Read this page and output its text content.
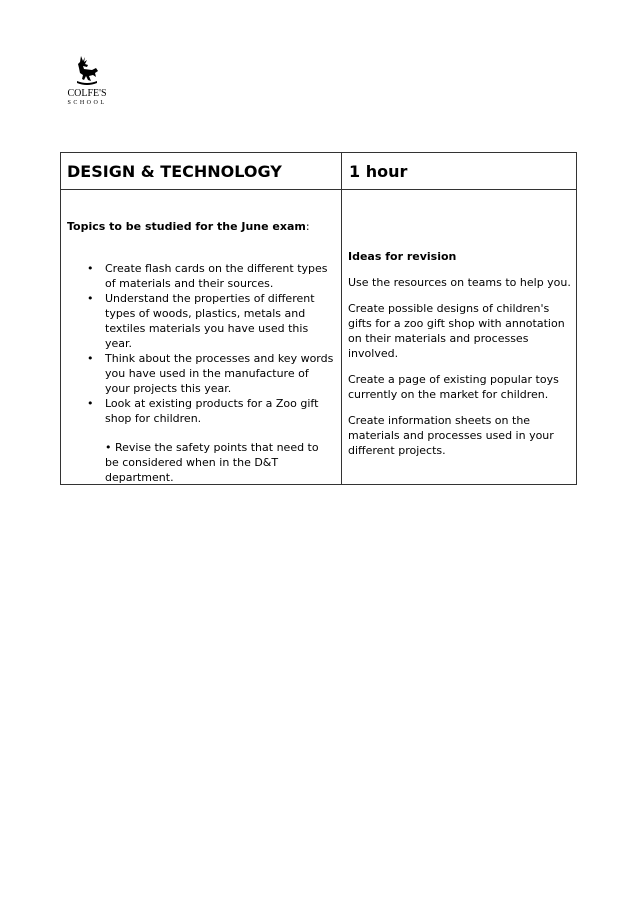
COLFE'S
SCHOOL
DESIGN & TECHNOLOGY	1 hour
Topics to be studied for the June exam:
• Create flash cards on the different types of materials and their sources.
• Understand the properties of different types of woods, plastics, metals and textiles materials you have used this year.
• Think about the processes and key words you have used in the manufacture of your projects this year.
• Look at existing products for a Zoo gift shop for children.
• Revise the safety points that need to be considered when in the D&T department.

Ideas for revision

Use the resources on teams to help you.

Create possible designs of children's gifts for a zoo gift shop with annotation on their materials and processes involved.

Create a page of existing popular toys currently on the market for children.

Create information sheets on the materials and processes used in your different projects.
